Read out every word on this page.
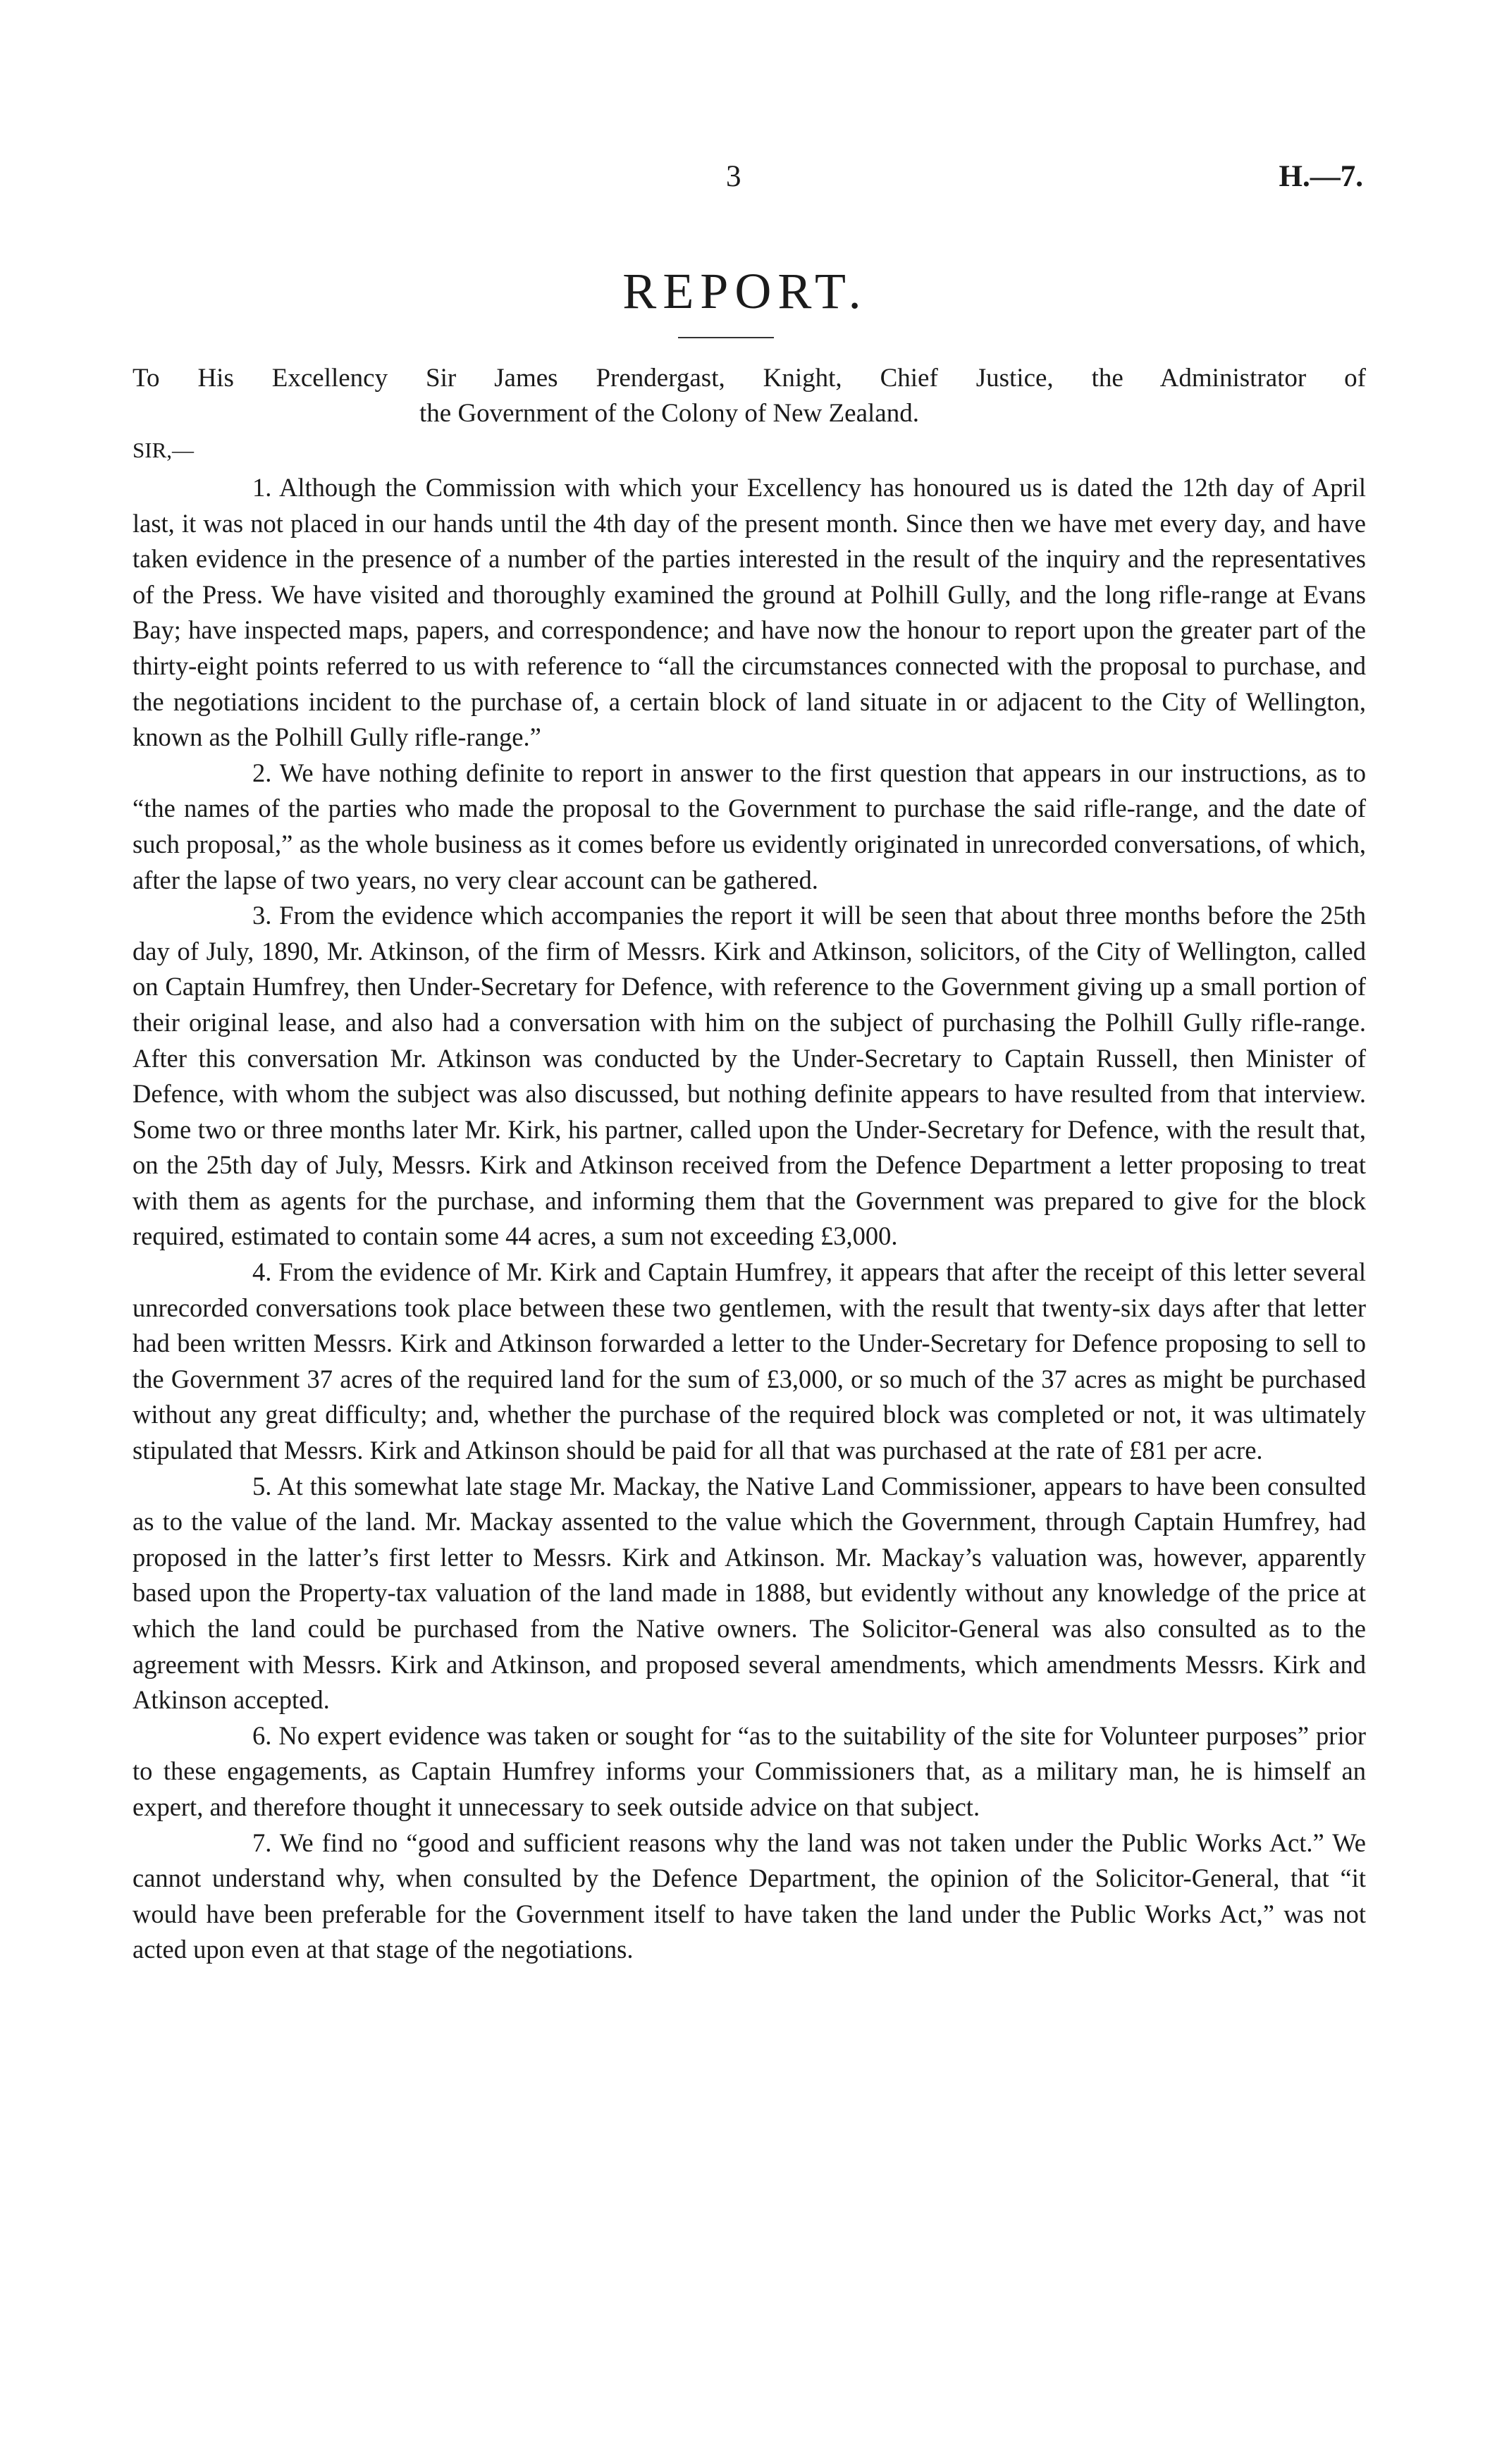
3	H.—7.
REPORT.
To His Excellency Sir James Prendergast, Knight, Chief Justice, the Administrator of
the Government of the Colony of New Zealand.
SIR,—

1. Although the Commission with which your Excellency has honoured us is dated the 12th day of April last, it was not placed in our hands until the 4th day of the present month. Since then we have met every day, and have taken evidence in the presence of a number of the parties interested in the result of the inquiry and the representatives of the Press. We have visited and thoroughly examined the ground at Polhill Gully, and the long rifle-range at Evans Bay; have inspected maps, papers, and correspondence; and have now the honour to report upon the greater part of the thirty-eight points referred to us with reference to “all the circumstances connected with the proposal to purchase, and the negotiations incident to the purchase of, a certain block of land situate in or adjacent to the City of Wellington, known as the Polhill Gully rifle-range.”

2. We have nothing definite to report in answer to the first question that appears in our instructions, as to “the names of the parties who made the proposal to the Government to purchase the said rifle-range, and the date of such proposal,” as the whole business as it comes before us evidently originated in unrecorded conversations, of which, after the lapse of two years, no very clear account can be gathered.

3. From the evidence which accompanies the report it will be seen that about three months before the 25th day of July, 1890, Mr. Atkinson, of the firm of Messrs. Kirk and Atkinson, solicitors, of the City of Wellington, called on Captain Humfrey, then Under-Secretary for Defence, with reference to the Government giving up a small portion of their original lease, and also had a conversation with him on the subject of purchasing the Polhill Gully rifle-range. After this conversation Mr. Atkinson was conducted by the Under-Secretary to Captain Russell, then Minister of Defence, with whom the subject was also discussed, but nothing definite appears to have resulted from that interview. Some two or three months later Mr. Kirk, his partner, called upon the Under-Secretary for Defence, with the result that, on the 25th day of July, Messrs. Kirk and Atkinson received from the Defence Department a letter proposing to treat with them as agents for the purchase, and informing them that the Government was prepared to give for the block required, estimated to contain some 44 acres, a sum not exceeding £3,000.

4. From the evidence of Mr. Kirk and Captain Humfrey, it appears that after the receipt of this letter several unrecorded conversations took place between these two gentlemen, with the result that twenty-six days after that letter had been written Messrs. Kirk and Atkinson forwarded a letter to the Under-Secretary for Defence proposing to sell to the Government 37 acres of the required land for the sum of £3,000, or so much of the 37 acres as might be purchased without any great difficulty; and, whether the purchase of the required block was completed or not, it was ultimately stipulated that Messrs. Kirk and Atkinson should be paid for all that was purchased at the rate of £81 per acre.

5. At this somewhat late stage Mr. Mackay, the Native Land Commissioner, appears to have been consulted as to the value of the land. Mr. Mackay assented to the value which the Government, through Captain Humfrey, had proposed in the latter’s first letter to Messrs. Kirk and Atkinson. Mr. Mackay’s valuation was, however, apparently based upon the Property-tax valuation of the land made in 1888, but evidently without any knowledge of the price at which the land could be purchased from the Native owners. The Solicitor-General was also consulted as to the agreement with Messrs. Kirk and Atkinson, and proposed several amendments, which amendments Messrs. Kirk and Atkinson accepted.

6. No expert evidence was taken or sought for “as to the suitability of the site for Volunteer purposes” prior to these engagements, as Captain Humfrey informs your Commissioners that, as a military man, he is himself an expert, and therefore thought it unnecessary to seek outside advice on that subject.

7. We find no “good and sufficient reasons why the land was not taken under the Public Works Act.” We cannot understand why, when consulted by the Defence Department, the opinion of the Solicitor-General, that “it would have been preferable for the Government itself to have taken the land under the Public Works Act,” was not acted upon even at that stage of the negotiations.
